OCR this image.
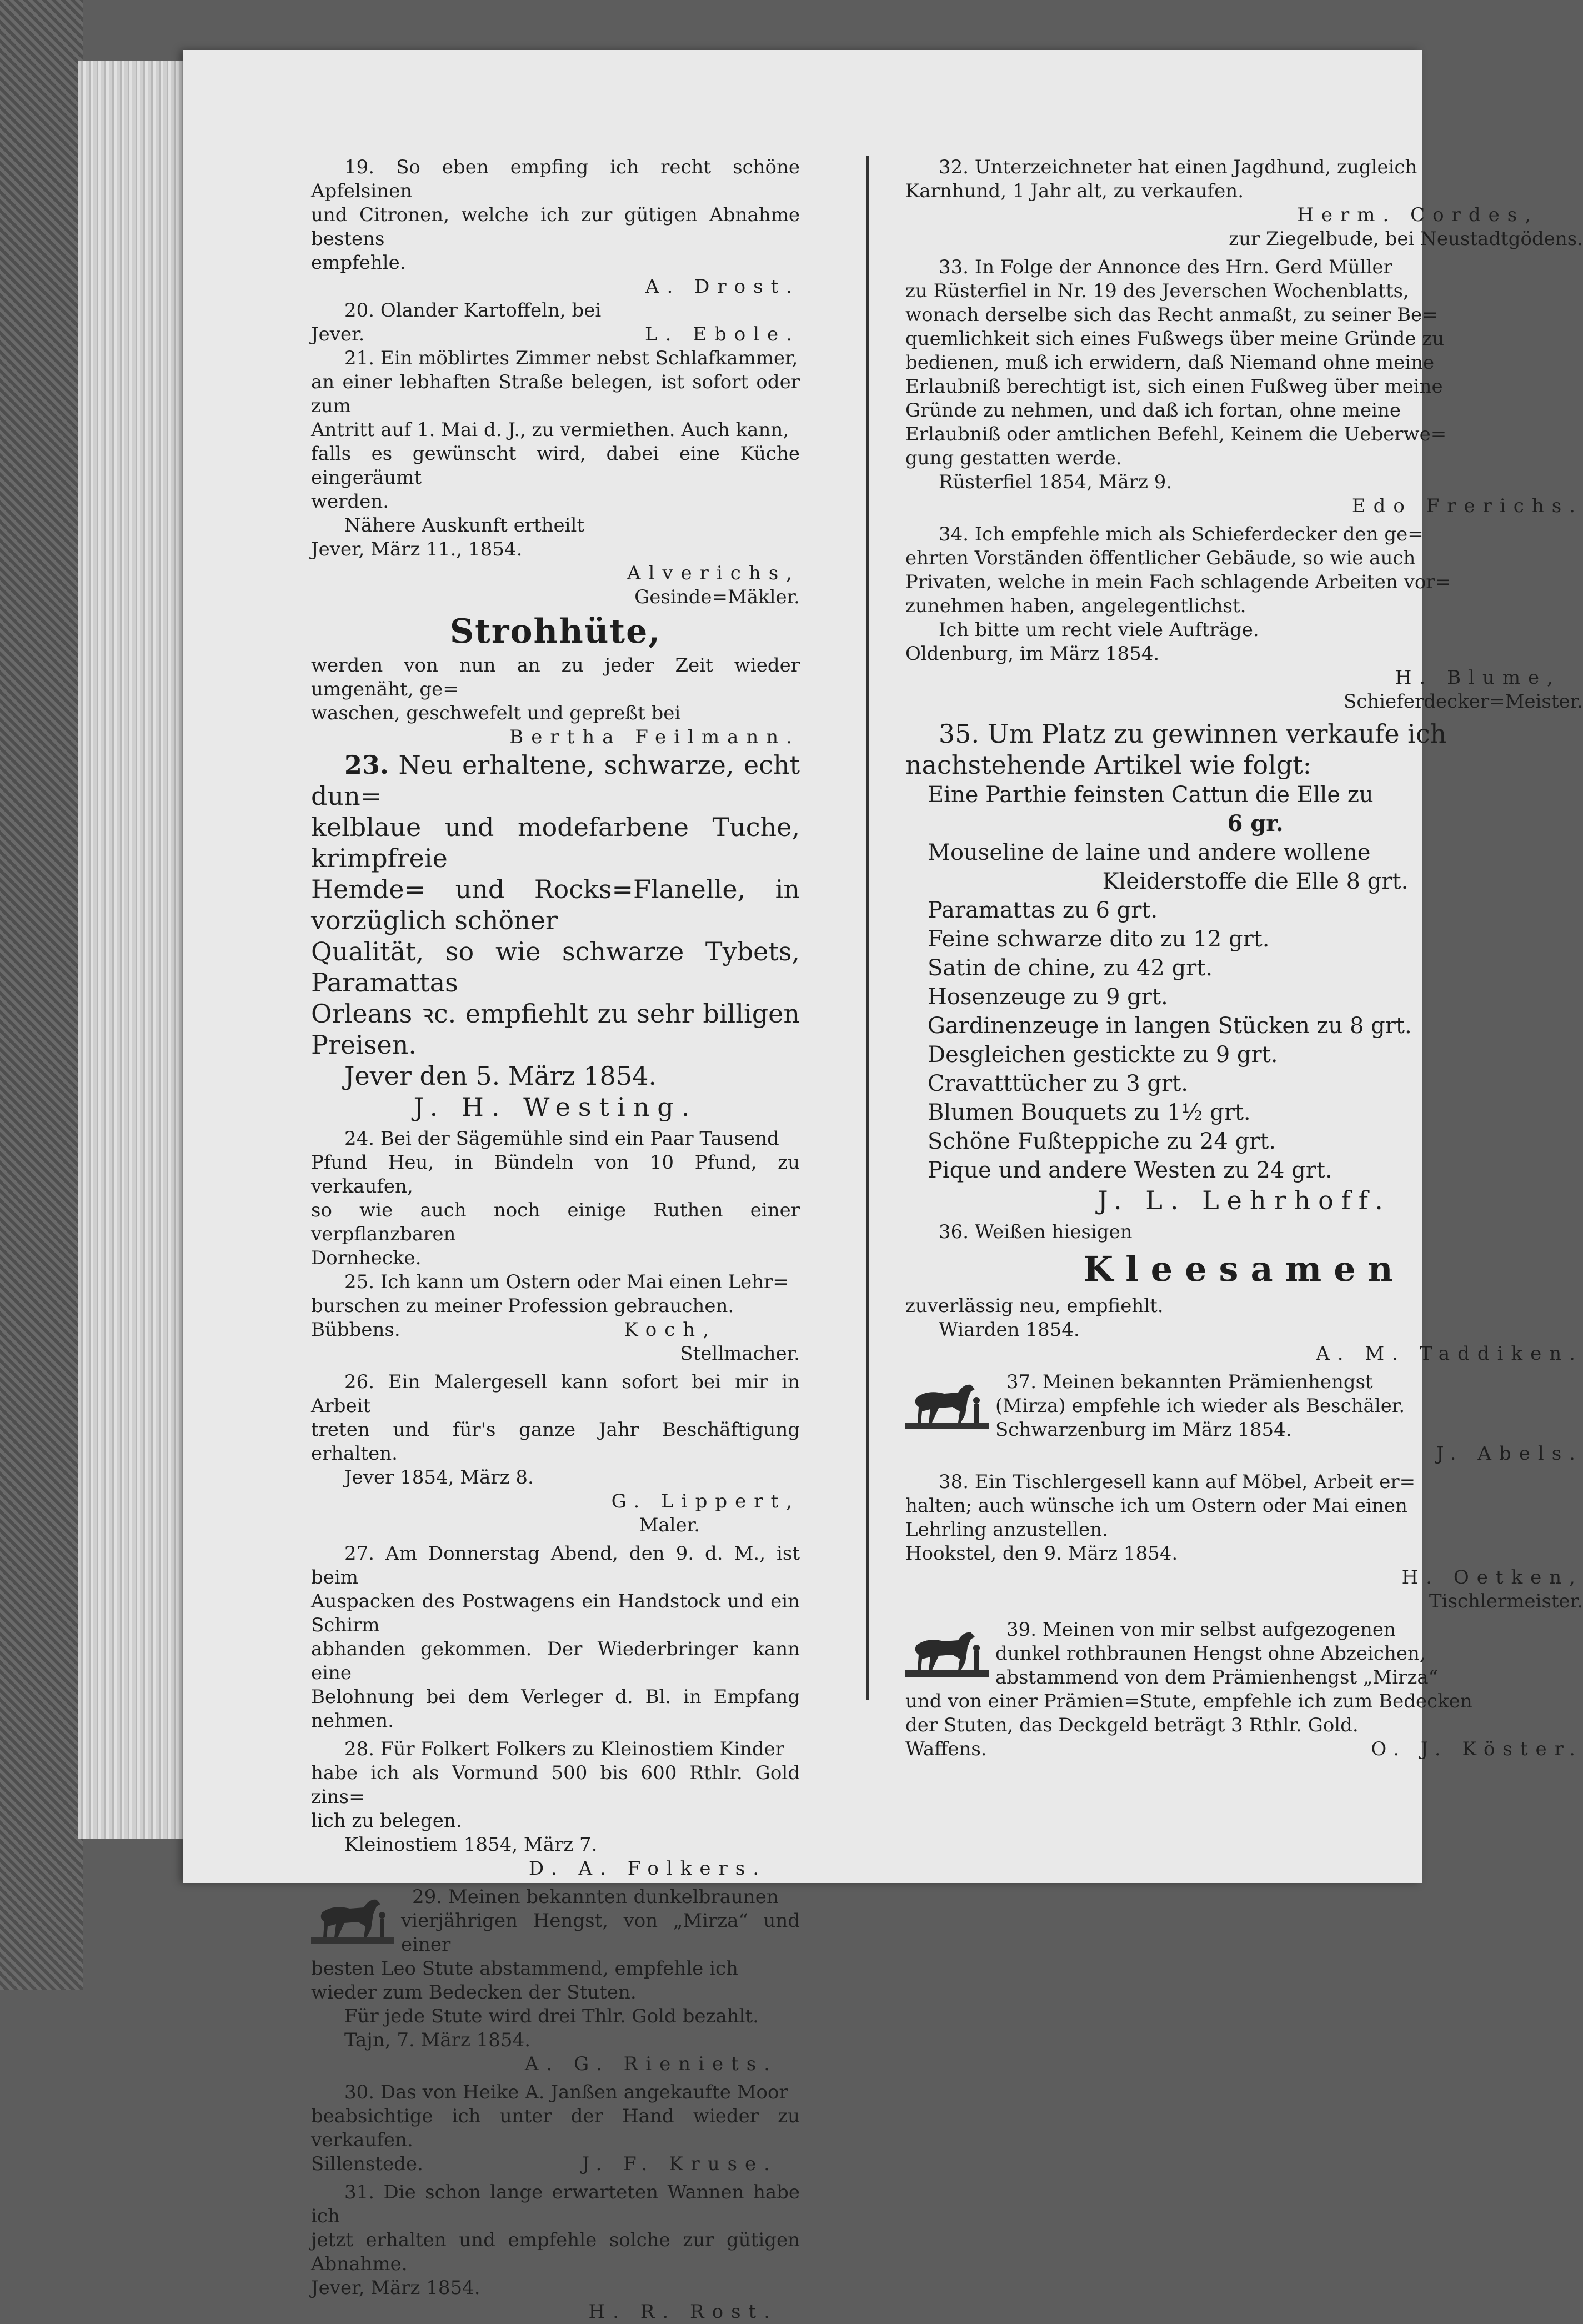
19. So eben empfing ich recht schöne Apfelsinen

und Citronen, welche ich zur gütigen Abnahme bestens

empfehle.

A. Drost.

20. Olander Kartoffeln, bei

Jever.	L. Ebole.

21. Ein möblirtes Zimmer nebst Schlafkammer,

an einer lebhaften Straße belegen, ist sofort oder zum

Antritt auf 1. Mai d. J., zu vermiethen. Auch kann,

falls es gewünscht wird, dabei eine Küche eingeräumt

werden.

Nähere Auskunft ertheilt

Jever, März 11., 1854.

Alverichs,

Gesinde=Mäkler.

Strohhüte,

werden von nun an zu jeder Zeit wieder umgenäht, ge=

waschen, geschwefelt und gepreßt bei

Bertha Feilmann.

23. Neu erhaltene, schwarze, echt dun=

kelblaue und modefarbene Tuche, krimpfreie

Hemde= und Rocks=Flanelle, in vorzüglich schöner

Qualität, so wie schwarze Tybets, Paramattas

Orleans ꝛc. empfiehlt zu sehr billigen Preisen.

Jever den 5. März 1854.

J. H. Westing.

24. Bei der Sägemühle sind ein Paar Tausend

Pfund Heu, in Bündeln von 10 Pfund, zu verkaufen,

so wie auch noch einige Ruthen einer verpflanzbaren

Dornhecke.

25. Ich kann um Ostern oder Mai einen Lehr=

burschen zu meiner Profession gebrauchen.

Bübbens.	Koch,

Stellmacher.

26. Ein Malergesell kann sofort bei mir in Arbeit

treten und für's ganze Jahr Beschäftigung erhalten.

Jever 1854, März 8.

G. Lippert,

Maler.

27. Am Donnerstag Abend, den 9. d. M., ist beim

Auspacken des Postwagens ein Handstock und ein Schirm

abhanden gekommen. Der Wiederbringer kann eine

Belohnung bei dem Verleger d. Bl. in Empfang nehmen.

28. Für Folkert Folkers zu Kleinostiem Kinder

habe ich als Vormund 500 bis 600 Rthlr. Gold zins=

lich zu belegen.

Kleinostiem 1854, März 7.

D. A. Folkers.

29. Meinen bekannten dunkelbraunen

vierjährigen Hengst, von „Mirza“ und einer

besten Leo Stute abstammend, empfehle ich

wieder zum Bedecken der Stuten.

Für jede Stute wird drei Thlr. Gold bezahlt.

Tajn, 7. März 1854.

A. G. Rieniets.

30. Das von Heike A. Janßen angekaufte Moor

beabsichtige ich unter der Hand wieder zu verkaufen.

Sillenstede.	J. F. Kruse.

31. Die schon lange erwarteten Wannen habe ich

jetzt erhalten und empfehle solche zur gütigen Abnahme.

Jever, März 1854.

H. R. Rost.

32. Unterzeichneter hat einen Jagdhund, zugleich

Karnhund, 1 Jahr alt, zu verkaufen.

Herm. Cordes,

zur Ziegelbude, bei Neustadtgödens.

33. In Folge der Annonce des Hrn. Gerd Müller

zu Rüsterfiel in Nr. 19 des Jeverschen Wochenblatts,

wonach derselbe sich das Recht anmaßt, zu seiner Be=

quemlichkeit sich eines Fußwegs über meine Gründe zu

bedienen, muß ich erwidern, daß Niemand ohne meine

Erlaubniß berechtigt ist, sich einen Fußweg über meine

Gründe zu nehmen, und daß ich fortan, ohne meine

Erlaubniß oder amtlichen Befehl, Keinem die Ueberwe=

gung gestatten werde.

Rüsterfiel 1854, März 9.

Edo Frerichs.

34. Ich empfehle mich als Schieferdecker den ge=

ehrten Vorständen öffentlicher Gebäude, so wie auch

Privaten, welche in mein Fach schlagende Arbeiten vor=

zunehmen haben, angelegentlichst.

Ich bitte um recht viele Aufträge.

Oldenburg, im März 1854.

H. Blume,

Schieferdecker=Meister.

35. Um Platz zu gewinnen verkaufe ich

nachstehende Artikel wie folgt:

Eine Parthie feinsten Cattun die Elle zu

6 gr.

Mouseline de laine und andere wollene

Kleiderstoffe die Elle 8 grt.

Paramattas zu 6 grt.

Feine schwarze dito zu 12 grt.

Satin de chine, zu 42 grt.

Hosenzeuge zu 9 grt.

Gardinenzeuge in langen Stücken zu 8 grt.

Desgleichen gestickte zu 9 grt.

Cravatttücher zu 3 grt.

Blumen Bouquets zu 1½ grt.

Schöne Fußteppiche zu 24 grt.

Pique und andere Westen zu 24 grt.

J. L. Lehrhoff.

36. Weißen hiesigen

Kleesamen

zuverlässig neu, empfiehlt.

Wiarden 1854.

A. M. Taddiken.

37. Meinen bekannten Prämienhengst

(Mirza) empfehle ich wieder als Beschäler.

Schwarzenburg im März 1854.

J. Abels.

38. Ein Tischlergesell kann auf Möbel, Arbeit er=

halten; auch wünsche ich um Ostern oder Mai einen

Lehrling anzustellen.

Hookstel, den 9. März 1854.

H. Oetken,

Tischlermeister.

39. Meinen von mir selbst aufgezogenen

dunkel rothbraunen Hengst ohne Abzeichen,

abstammend von dem Prämienhengst „Mirza“

und von einer Prämien=Stute, empfehle ich zum Bedecken

der Stuten, das Deckgeld beträgt 3 Rthlr. Gold.

Waffens.	O. J. Köster.
